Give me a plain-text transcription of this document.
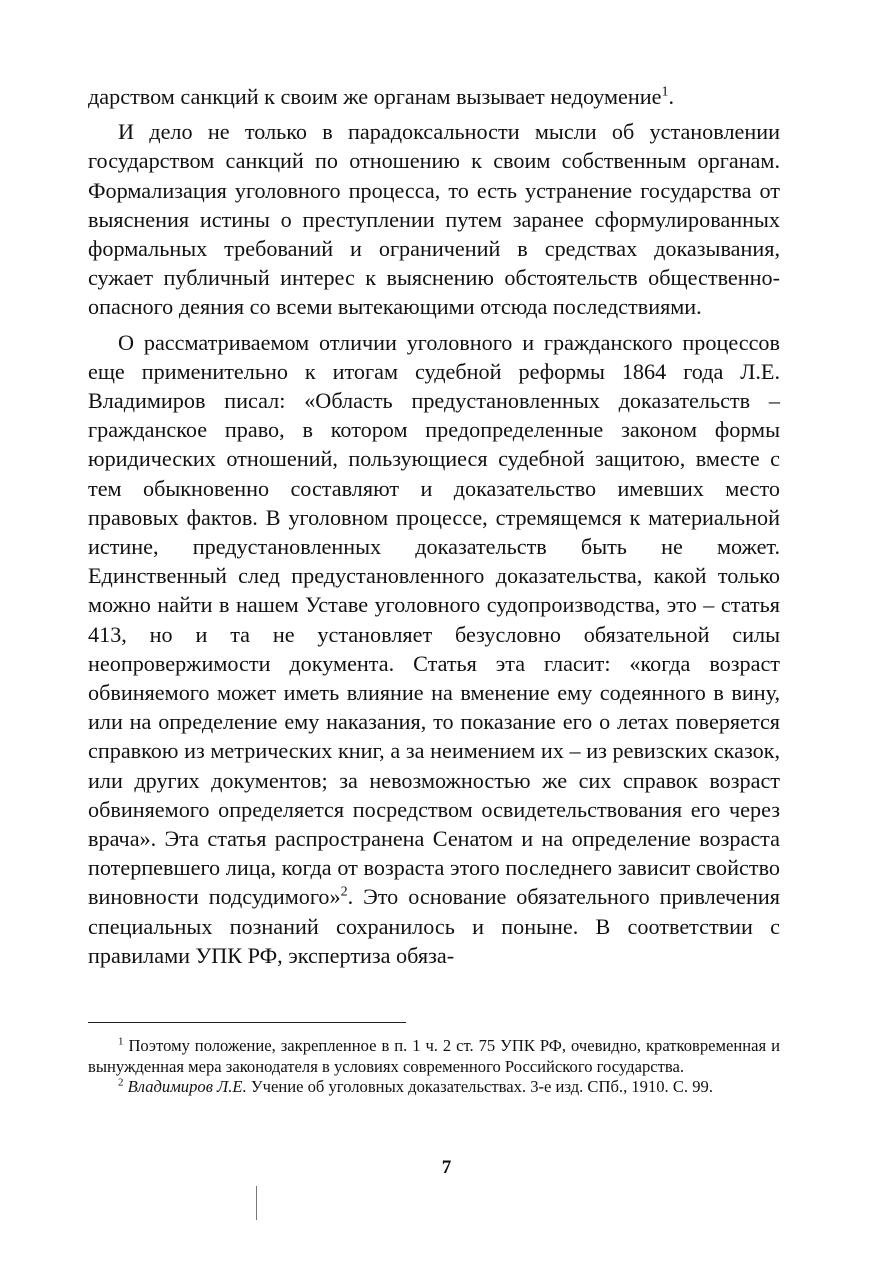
дарством санкций к своим же органам вызывает недоумение$^1$.

И дело не только в парадоксальности мысли об установлении государством санкций по отношению к своим собственным органам. Формализация уголовного процесса, то есть устранение государства от выяснения истины о преступлении путем заранее сформулированных формальных требований и ограничений в средствах доказывания, сужает публичный интерес к выяснению обстоятельств общественно-опасного деяния со всеми вытекающими отсюда последствиями.

О рассматриваемом отличии уголовного и гражданского процессов еще применительно к итогам судебной реформы 1864 года Л.Е. Владимиров писал: «Область предустановленных доказательств – гражданское право, в котором предопределенные законом формы юридических отношений, пользующиеся судебной защитою, вместе с тем обыкновенно составляют и доказательство имевших место правовых фактов. В уголовном процессе, стремящемся к материальной истине, предустановленных доказательств быть не может. Единственный след предустановленного доказательства, какой только можно найти в нашем Уставе уголовного судопроизводства, это – статья 413, но и та не установляет безусловно обязательной силы неопровержимости документа. Статья эта гласит: «когда возраст обвиняемого может иметь влияние на вменение ему содеянного в вину, или на определение ему наказания, то показание его о летах поверяется справкою из метрических книг, а за неимением их – из ревизских сказок, или других документов; за невозможностью же сих справок возраст обвиняемого определяется посредством освидетельствования его через врача». Эта статья распространена Сенатом и на определение возраста потерпевшего лица, когда от возраста этого последнего зависит свойство виновности подсудимого»$^2$. Это основание обязательного привлечения специальных познаний сохранилось и поныне. В соответствии с правилами УПК РФ, экспертиза обяза-

$^1$ Поэтому положение, закрепленное в п. 1 ч. 2 ст. 75 УПК РФ, очевидно, кратковременная и вынужденная мера законодателя в условиях современного Российского государства.

$^2$ Владимиров Л.Е. Учение об уголовных доказательствах. 3-е изд. СПб., 1910. С. 99.

7
